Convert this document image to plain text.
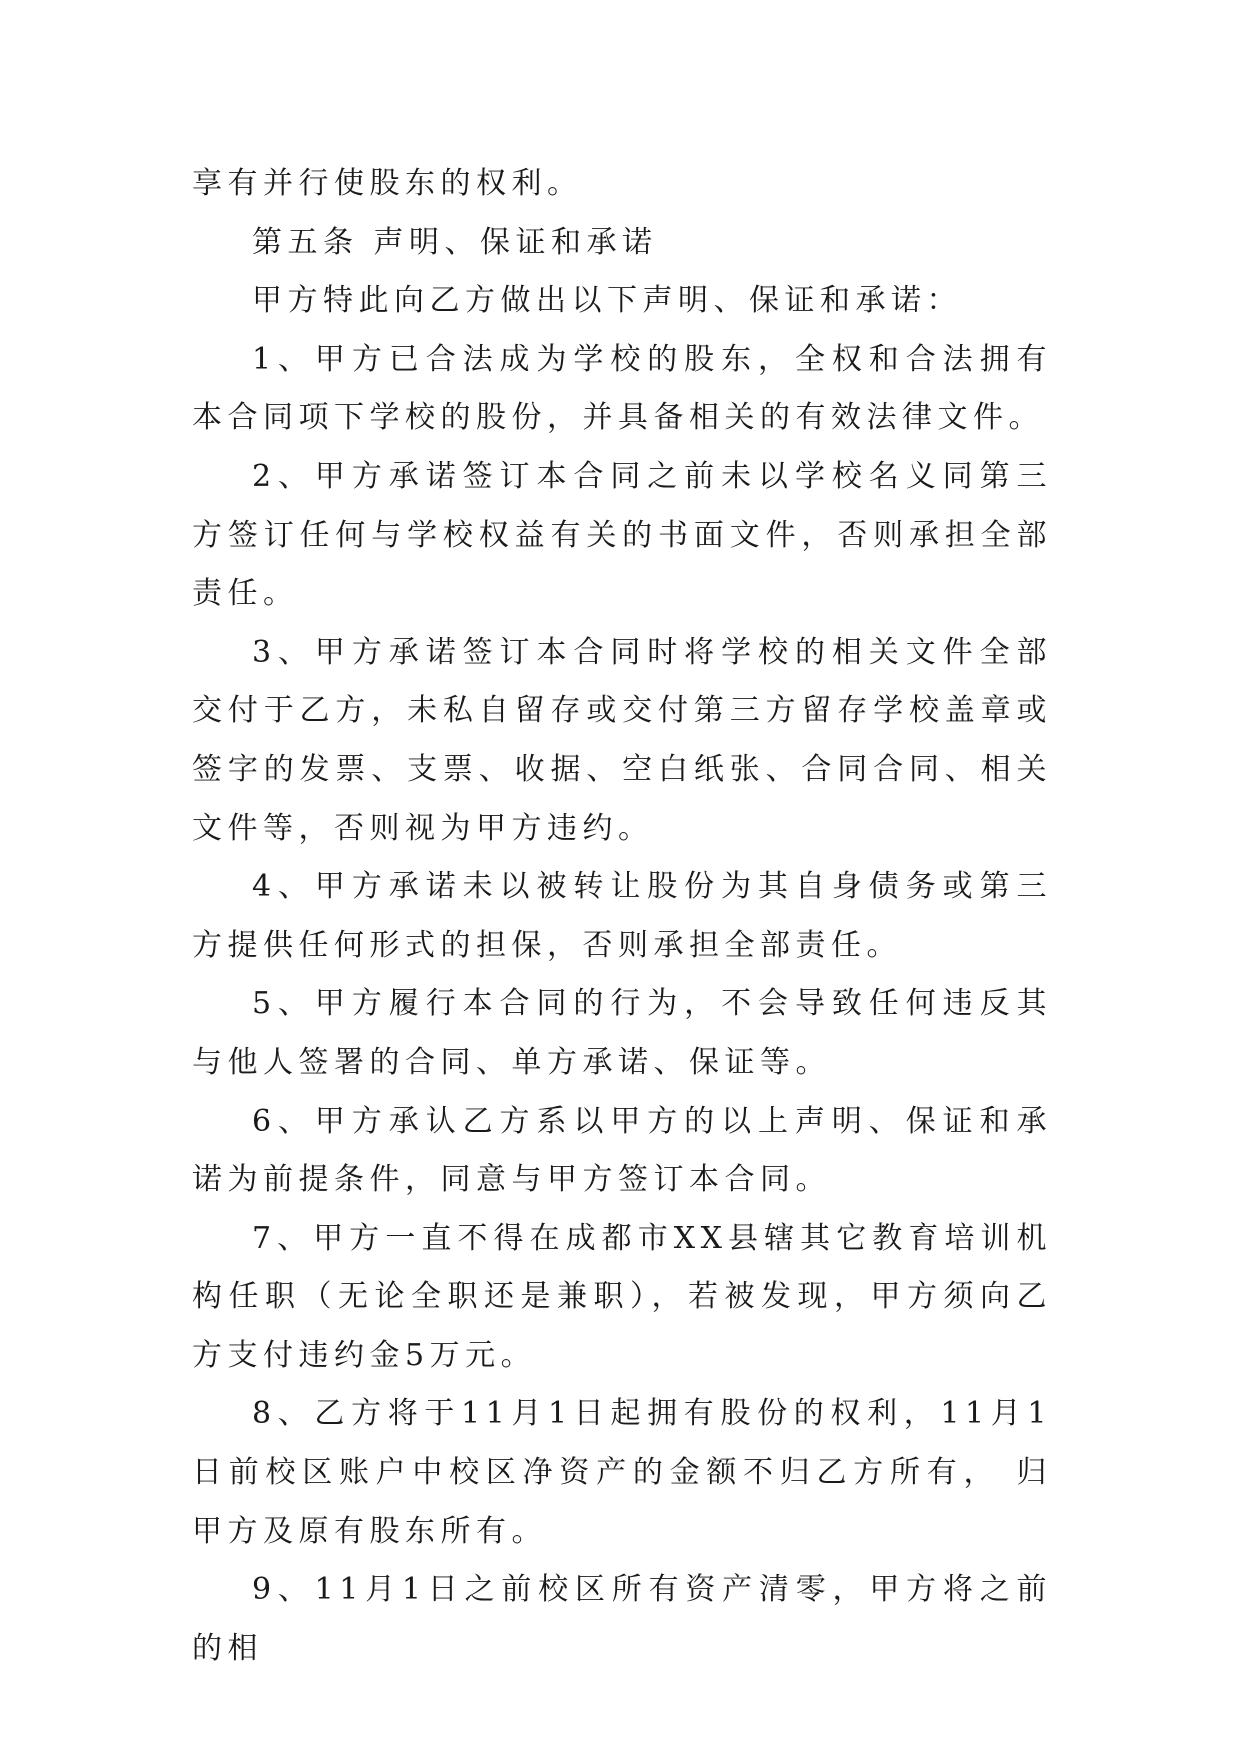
享有并行使股东的权利。

第五条 声明、保证和承诺

甲方特此向乙方做出以下声明、保证和承诺：

1、甲方已合法成为学校的股东，全权和合法拥有本合同项下学校的股份，并具备相关的有效法律文件。

2、甲方承诺签订本合同之前未以学校名义同第三方签订任何与学校权益有关的书面文件，否则承担全部责任。

3、甲方承诺签订本合同时将学校的相关文件全部交付于乙方，未私自留存或交付第三方留存学校盖章或签字的发票、支票、收据、空白纸张、合同合同、相关文件等，否则视为甲方违约。

4、甲方承诺未以被转让股份为其自身债务或第三方提供任何形式的担保，否则承担全部责任。

5、甲方履行本合同的行为，不会导致任何违反其与他人签署的合同、单方承诺、保证等。

6、甲方承认乙方系以甲方的以上声明、保证和承诺为前提条件，同意与甲方签订本合同。

7、甲方一直不得在成都市XX县辖其它教育培训机构任职（无论全职还是兼职），若被发现，甲方须向乙方支付违约金5万元。

8、乙方将于11月1日起拥有股份的权利，11月1日前校区账户中校区净资产的金额不归乙方所有， 归甲方及原有股东所有。

9、11月1日之前校区所有资产清零，甲方将之前的相
